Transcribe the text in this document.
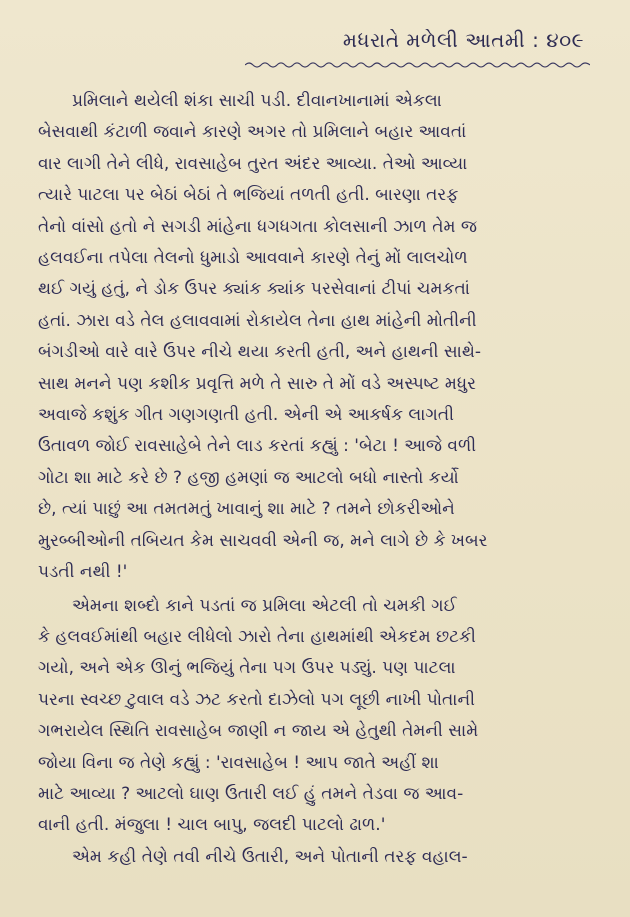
મધરાતે મળેલી આતમી : ૪૦૯
પ્રમિલાને થયેલી શંકા સાચી પડી. દીવાનખાનામાં એકલા
બેસવાથી કંટાળી જવાને કારણે અગર તો પ્રમિલાને બહાર આવતાં
વાર લાગી તેને લીધે, રાવસાહેબ તુરત અંદર આવ્યા. તેઓ આવ્યા
ત્યારે પાટલા પર બેઠાં બેઠાં તે ભજિયાં તળતી હતી. બારણા તરફ
તેનો વાંસો હતો ને સગડી માંહેના ધગધગતા કોલસાની ઝાળ તેમ જ
હલવઈના તપેલા તેલનો ધુમાડો આવવાને કારણે તેનું મોં લાલચોળ
થઈ ગયું હતું, ને ડોક ઉપર ક્યાંક ક્યાંક પરસેવાનાં ટીપાં ચમકતાં
હતાં. ઝારા વડે તેલ હલાવવામાં રોકાયેલ તેના હાથ માંહેની મોતીની
બંગડીઓ વારે વારે ઉપર નીચે થયા કરતી હતી, અને હાથની સાથે-
સાથ મનને પણ કશીક પ્રવૃત્તિ મળે તે સારુ તે મોં વડે અસ્પષ્ટ મધુર
અવાજે કશુંક ગીત ગણગણતી હતી. એની એ આકર્ષક લાગતી
ઉતાવળ જોઈ રાવસાહેબે તેને લાડ કરતાં કહ્યું : 'બેટા ! આજે વળી
ગોટા શા માટે કરે છે ? હજી હમણાં જ આટલો બધો નાસ્તો કર્યો
છે, ત્યાં પાછું આ તમતમતું ખાવાનું શા માટે ? તમને છોકરીઓને
મુરબ્બીઓની તબિયત કેમ સાચવવી એની જ, મને લાગે છે કે ખબર
પડતી નથી !'
એમના શબ્દો કાને પડતાં જ પ્રમિલા એટલી તો ચમકી ગઈ
કે હલવઈમાંથી બહાર લીધેલો ઝારો તેના હાથમાંથી એકદમ છટકી
ગયો, અને એક ઊનું ભજિયું તેના પગ ઉપર પડ્યું. પણ પાટલા
પરના સ્વચ્છ ટુવાલ વડે ઝટ કરતો દાઝેલો પગ લૂછી નાખી પોતાની
ગભરાયેલ સ્થિતિ રાવસાહેબ જાણી ન જાય એ હેતુથી તેમની સામે
જોયા વિના જ તેણે કહ્યું : 'રાવસાહેબ ! આપ જાતે અહીં શા
માટે આવ્યા ? આટલો ઘાણ ઉતારી લઈ હું તમને તેડવા જ આવ-
વાની હતી. મંજુલા ! ચાલ બાપુ, જલદી પાટલો ઢાળ.'
એમ કહી તેણે તવી નીચે ઉતારી, અને પોતાની તરફ વહાલ-
